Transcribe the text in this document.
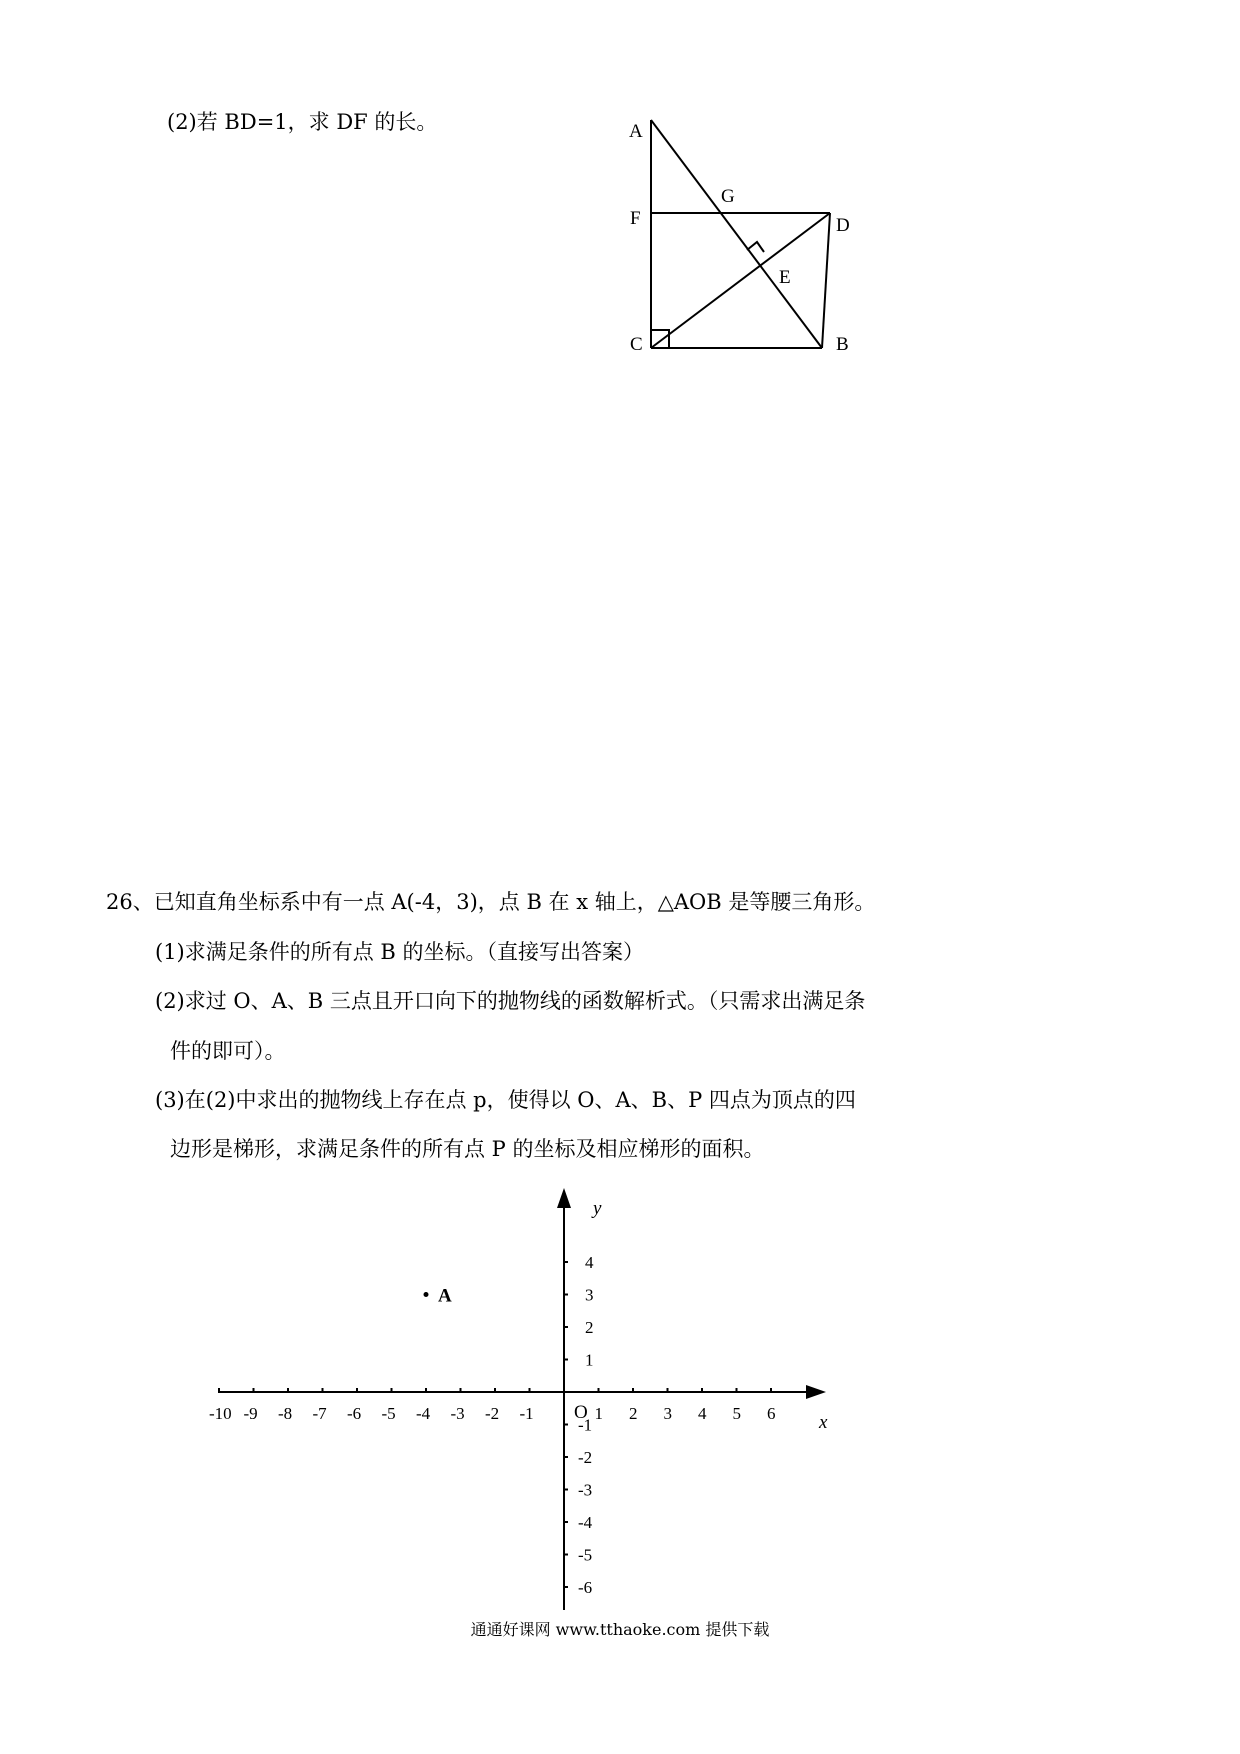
(2)若 BD=1，求 DF 的长。	A
G
F	D
E
C	B
26、已知直角坐标系中有一点 A(-4，3)，点 B 在 x 轴上，△AOB 是等腰三角形。
(1)求满足条件的所有点 B 的坐标。（直接写出答案）
(2)求过 O、A、B 三点且开口向下的抛物线的函数解析式。（只需求出满足条
件的即可）。
(3)在(2)中求出的抛物线上存在点 p，使得以 O、A、B、P 四点为顶点的四
边形是梯形，求满足条件的所有点 P 的坐标及相应梯形的面积。
y
x
O
-10 -9 -8 -7 -6 -5 -4 -3 -2 -1	1 2 3 4 5 6
4
3
2
1
-1
-2
-3
-4
-5
-6
A
通通好课网 www.tthaoke.com 提供下载
